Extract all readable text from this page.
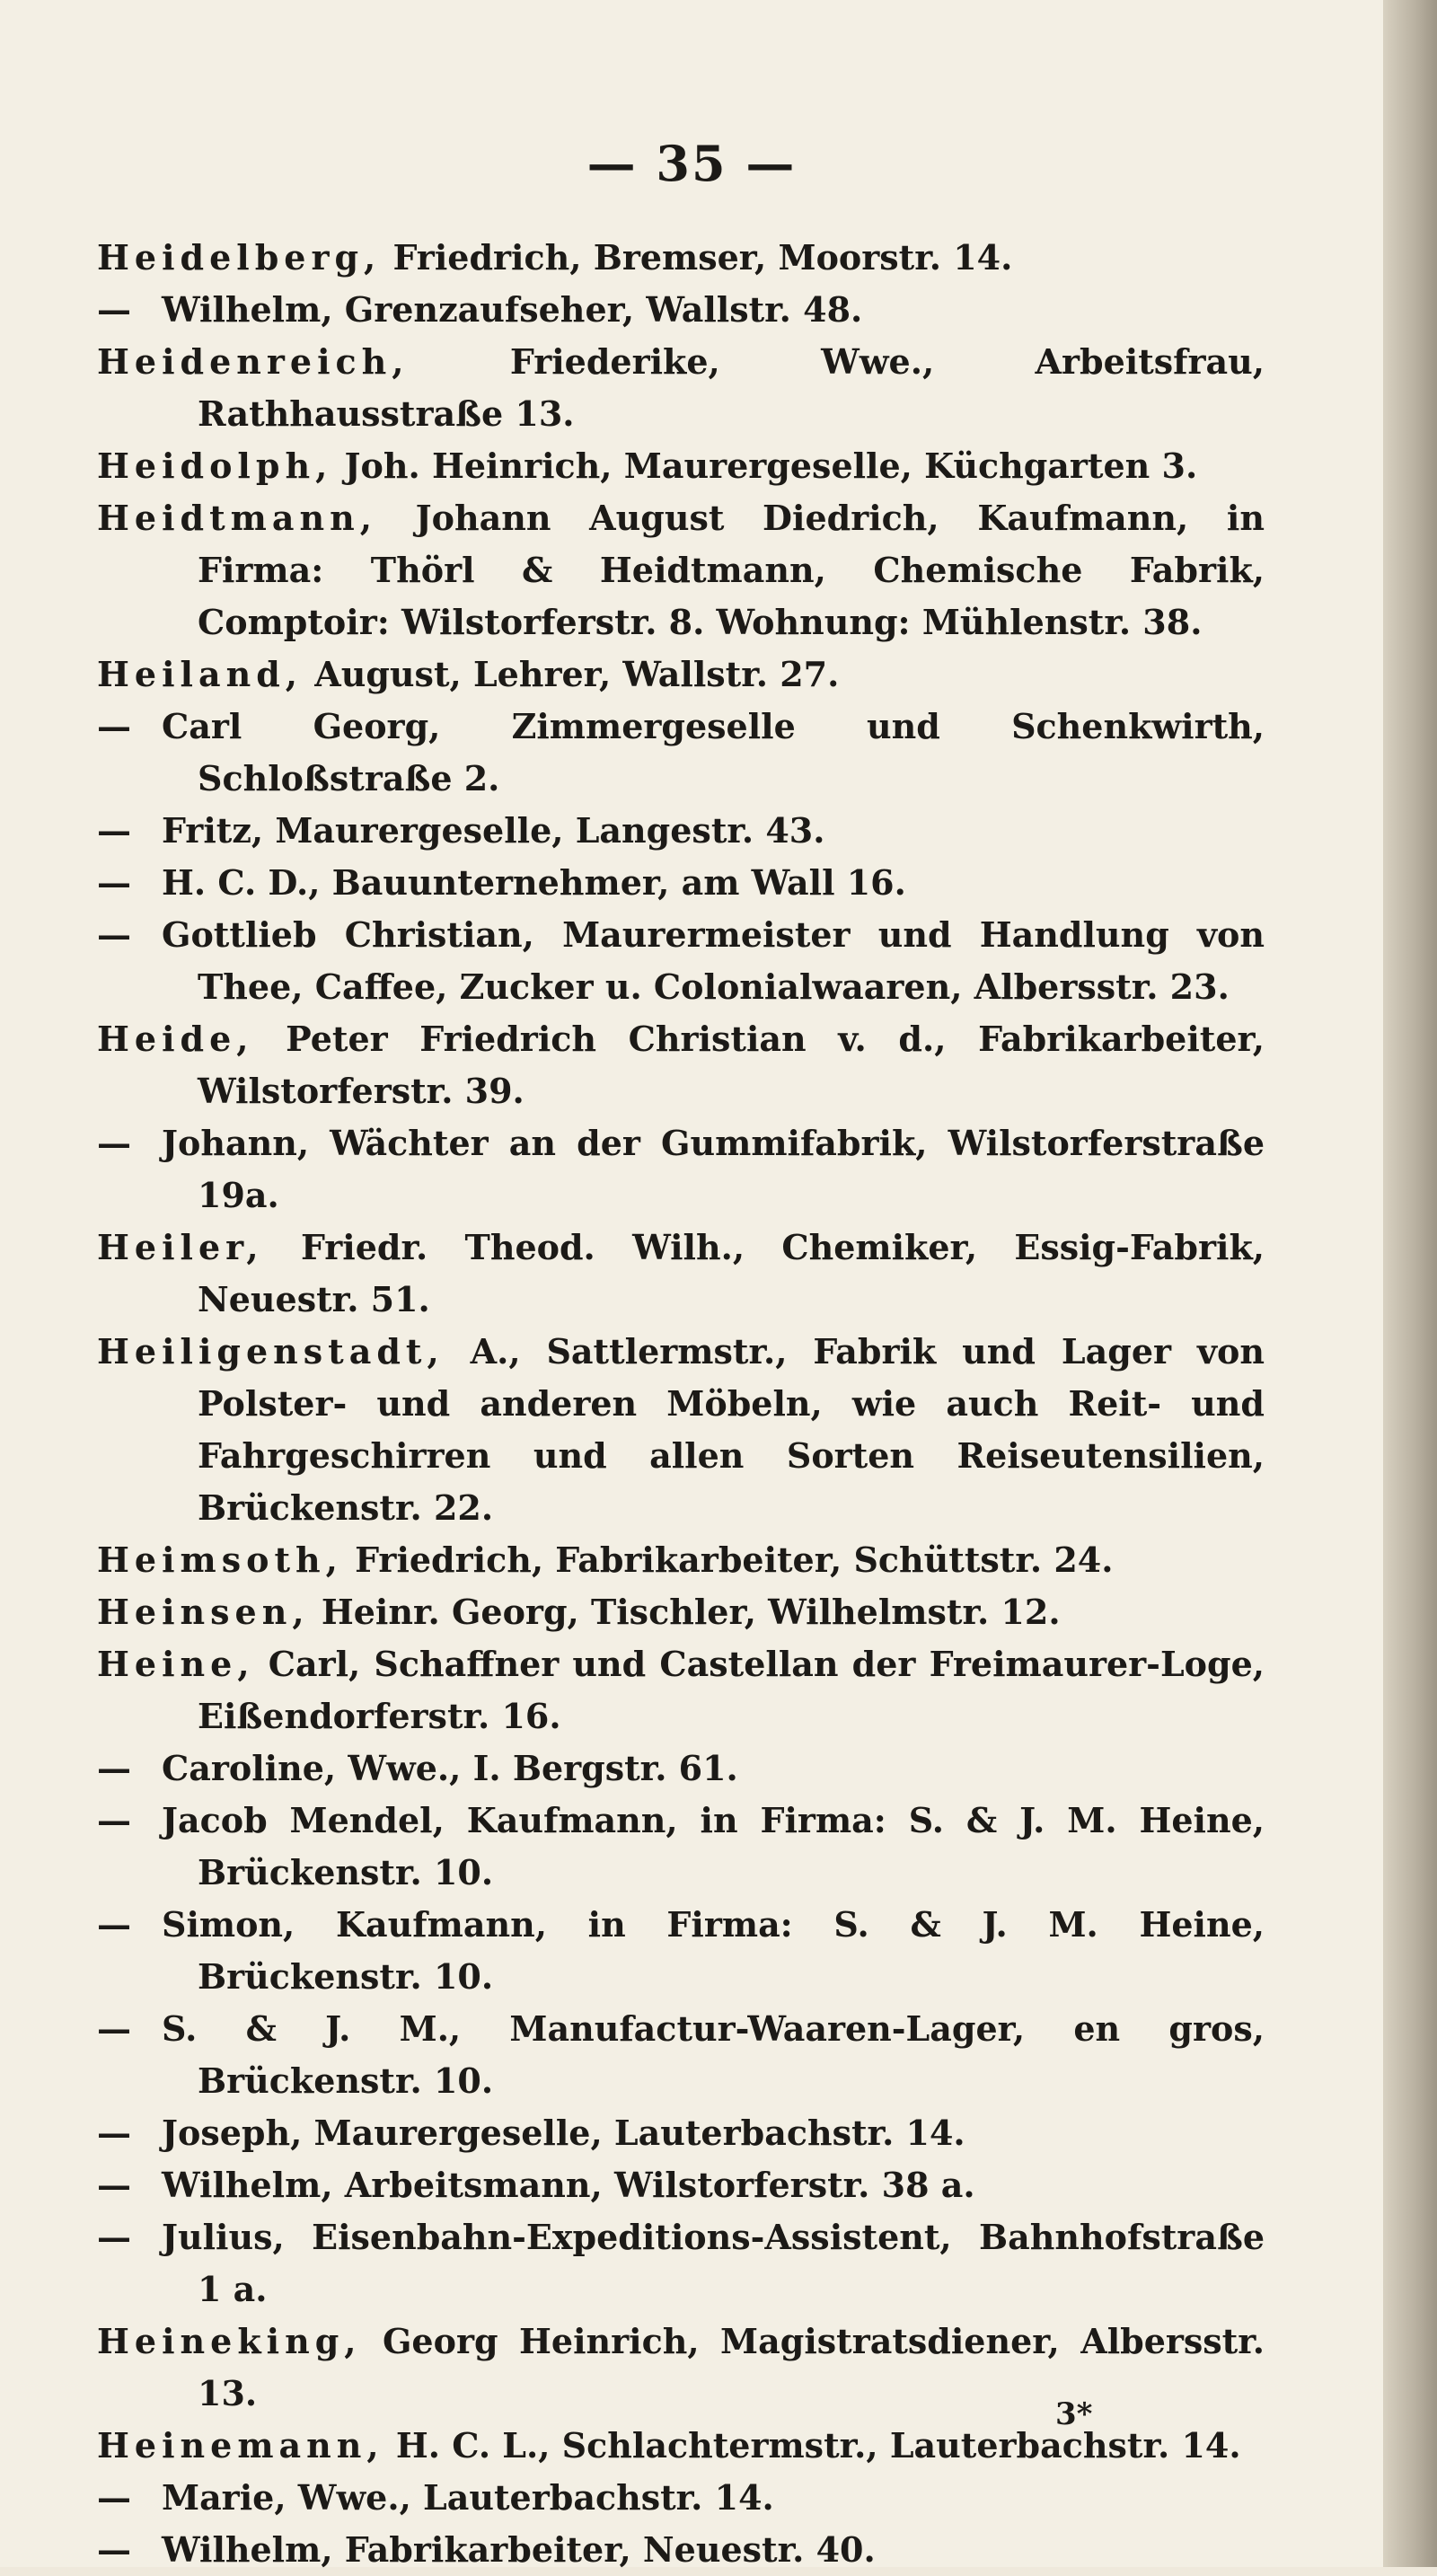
— 35 —
Heidelberg, Friedrich, Bremser, Moorstr. 14.
— Wilhelm, Grenzaufseher, Wallstr. 48.
Heidenreich,	Friederike, Wwe., Arbeitsfrau, Rathhausstraße 13.
Heidolph, Joh. Heinrich, Maurergeselle, Küchgarten 3.
Heidtmann, Johann August Diedrich, Kaufmann, in Firma: Thörl & Heidtmann, Chemische Fabrik, Comptoir: Wilstorferstr. 8. Wohnung: Mühlenstr. 38.
Heiland, August, Lehrer, Wallstr. 27.
— Carl Georg, Zimmergeselle und Schenkwirth, Schloßstraße 2.
— Fritz, Maurergeselle, Langestr. 43.
— H. C. D., Bauunternehmer, am Wall 16.
— Gottlieb Christian, Maurermeister und Handlung von Thee, Caffee, Zucker u. Colonialwaaren, Albersstr. 23.
Heide, Peter Friedrich Christian v. d., Fabrikarbeiter, Wilstorferstr. 39.
— Johann, Wächter an der Gummifabrik, Wilstorferstraße 19a.
Heiler, Friedr. Theod. Wilh., Chemiker, Essig-Fabrik, Neuestr. 51.
Heiligenstadt, A., Sattlermstr., Fabrik und Lager von Polster- und anderen Möbeln, wie auch Reit- und Fahrgeschirren und allen Sorten Reiseutensilien, Brückenstr. 22.
Heimsoth, Friedrich, Fabrikarbeiter, Schüttstr. 24.
Heinsen, Heinr. Georg, Tischler, Wilhelmstr. 12.
Heine, Carl, Schaffner und Castellan der Freimaurer-Loge, Eißendorferstr. 16.
— Caroline, Wwe., I. Bergstr. 61.
— Jacob Mendel, Kaufmann, in Firma: S. & J. M. Heine, Brückenstr. 10.
— Simon, Kaufmann, in Firma: S. & J. M. Heine, Brückenstr. 10.
— S. & J. M., Manufactur-Waaren-Lager, en gros, Brückenstr. 10.
— Joseph, Maurergeselle, Lauterbachstr. 14.
— Wilhelm, Arbeitsmann, Wilstorferstr. 38 a.
— Julius, Eisenbahn-Expeditions-Assistent, Bahnhofstraße 1 a.
Heineking, Georg Heinrich, Magistratsdiener, Albersstr. 13.
Heinemann, H. C. L., Schlachtermstr., Lauterbachstr. 14.
— Marie, Wwe., Lauterbachstr. 14.
— Wilhelm, Fabrikarbeiter, Neuestr. 40.
3*
